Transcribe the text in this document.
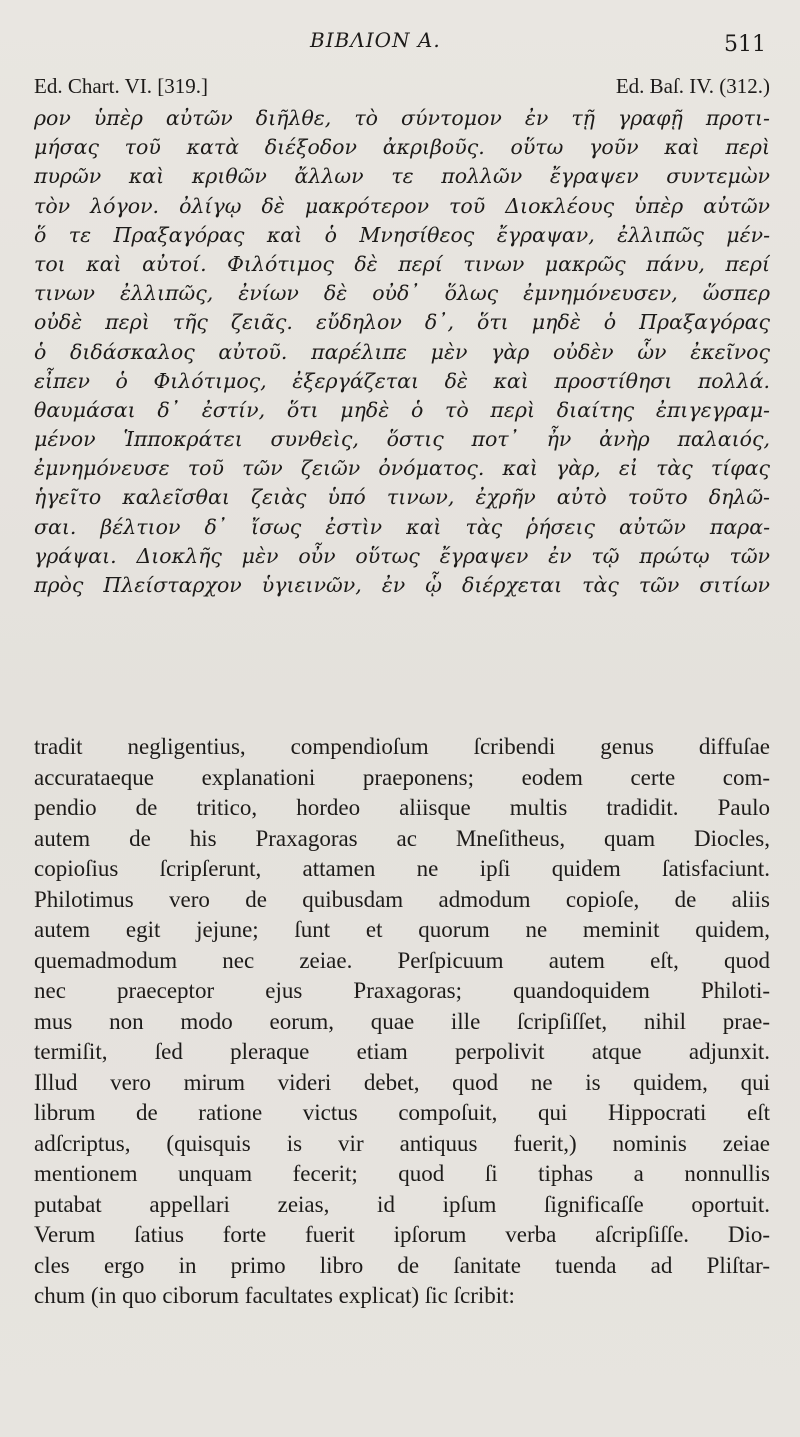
ΒΙΒΛΙΟΝ Α.	511
Ed. Chart. VI. [319.]	Ed. Baſ. IV. (312.)
ρον ὑπὲρ αὐτῶν διῆλθε, τὸ σύντομον ἐν τῇ γραφῇ προτι-
μήσας τοῦ κατὰ διέξοδον ἀκριβοῦς. οὕτω γοῦν καὶ περὶ
πυρῶν καὶ κριθῶν ἄλλων τε πολλῶν ἔγραψεν συντεμὼν
τὸν λόγον. ὀλίγῳ δὲ μακρότερον τοῦ Διοκλέους ὑπὲρ αὐτῶν
ὅ τε Πραξαγόρας καὶ ὁ Μνησίθεος ἔγραψαν, ἐλλιπῶς μέν-
τοι καὶ αὐτοί. Φιλότιμος δὲ περί τινων μακρῶς πάνυ, περί
τινων ἐλλιπῶς, ἐνίων δὲ οὐδ᾽ ὅλως ἐμνημόνευσεν, ὥσπερ
οὐδὲ περὶ τῆς ζειᾶς. εὔδηλον δ᾽, ὅτι μηδὲ ὁ Πραξαγόρας
ὁ διδάσκαλος αὐτοῦ. παρέλιπε μὲν γὰρ οὐδὲν ὧν ἐκεῖνος
εἶπεν ὁ Φιλότιμος, ἐξεργάζεται δὲ καὶ προστίθησι πολλά.
θαυμάσαι δ᾽ ἐστίν, ὅτι μηδὲ ὁ τὸ περὶ διαίτης ἐπιγεγραμ-
μένον Ἱπποκράτει συνθεὶς, ὅστις ποτ᾽ ἦν ἀνὴρ παλαιός,
ἐμνημόνευσε τοῦ τῶν ζειῶν ὀνόματος. καὶ γὰρ, εἰ τὰς τίφας
ἡγεῖτο καλεῖσθαι ζειὰς ὑπό τινων, ἐχρῆν αὐτὸ τοῦτο δηλῶ-
σαι. βέλτιον δ᾽ ἴσως ἐστὶν καὶ τὰς ῥήσεις αὐτῶν παρα-
γράψαι. Διοκλῆς μὲν οὖν οὕτως ἔγραψεν ἐν τῷ πρώτῳ τῶν
πρὸς Πλείσταρχον ὑγιεινῶν, ἐν ᾧ διέρχεται τὰς τῶν σιτίων
tradit negligentius, compendioſum ſcribendi genus diffuſae
accurataeque explanationi praeponens; eodem certe com-
pendio de tritico, hordeo aliisque multis tradidit. Paulo
autem de his Praxagoras ac Mneſitheus, quam Diocles,
copioſius ſcripſerunt, attamen ne ipſi quidem ſatisfaciunt.
Philotimus vero de quibusdam admodum copioſe, de aliis
autem egit jejune; ſunt et quorum ne meminit quidem,
quemadmodum nec zeiae. Perſpicuum autem eſt, quod
nec praeceptor ejus Praxagoras; quandoquidem Philoti-
mus non modo eorum, quae ille ſcripſiſſet, nihil prae-
termiſit, ſed pleraque etiam perpolivit atque adjunxit.
Illud vero mirum videri debet, quod ne is quidem, qui
librum de ratione victus compoſuit, qui Hippocrati eſt
adſcriptus, (quisquis is vir antiquus fuerit,) nominis zeiae
mentionem unquam fecerit; quod ſi tiphas a nonnullis
putabat appellari zeias, id ipſum ſignificaſſe oportuit.
Verum ſatius forte fuerit ipſorum verba aſcripſiſſe. Dio-
cles ergo in primo libro de ſanitate tuenda ad Pliſtar-
chum (in quo ciborum facultates explicat) ſic ſcribit:
